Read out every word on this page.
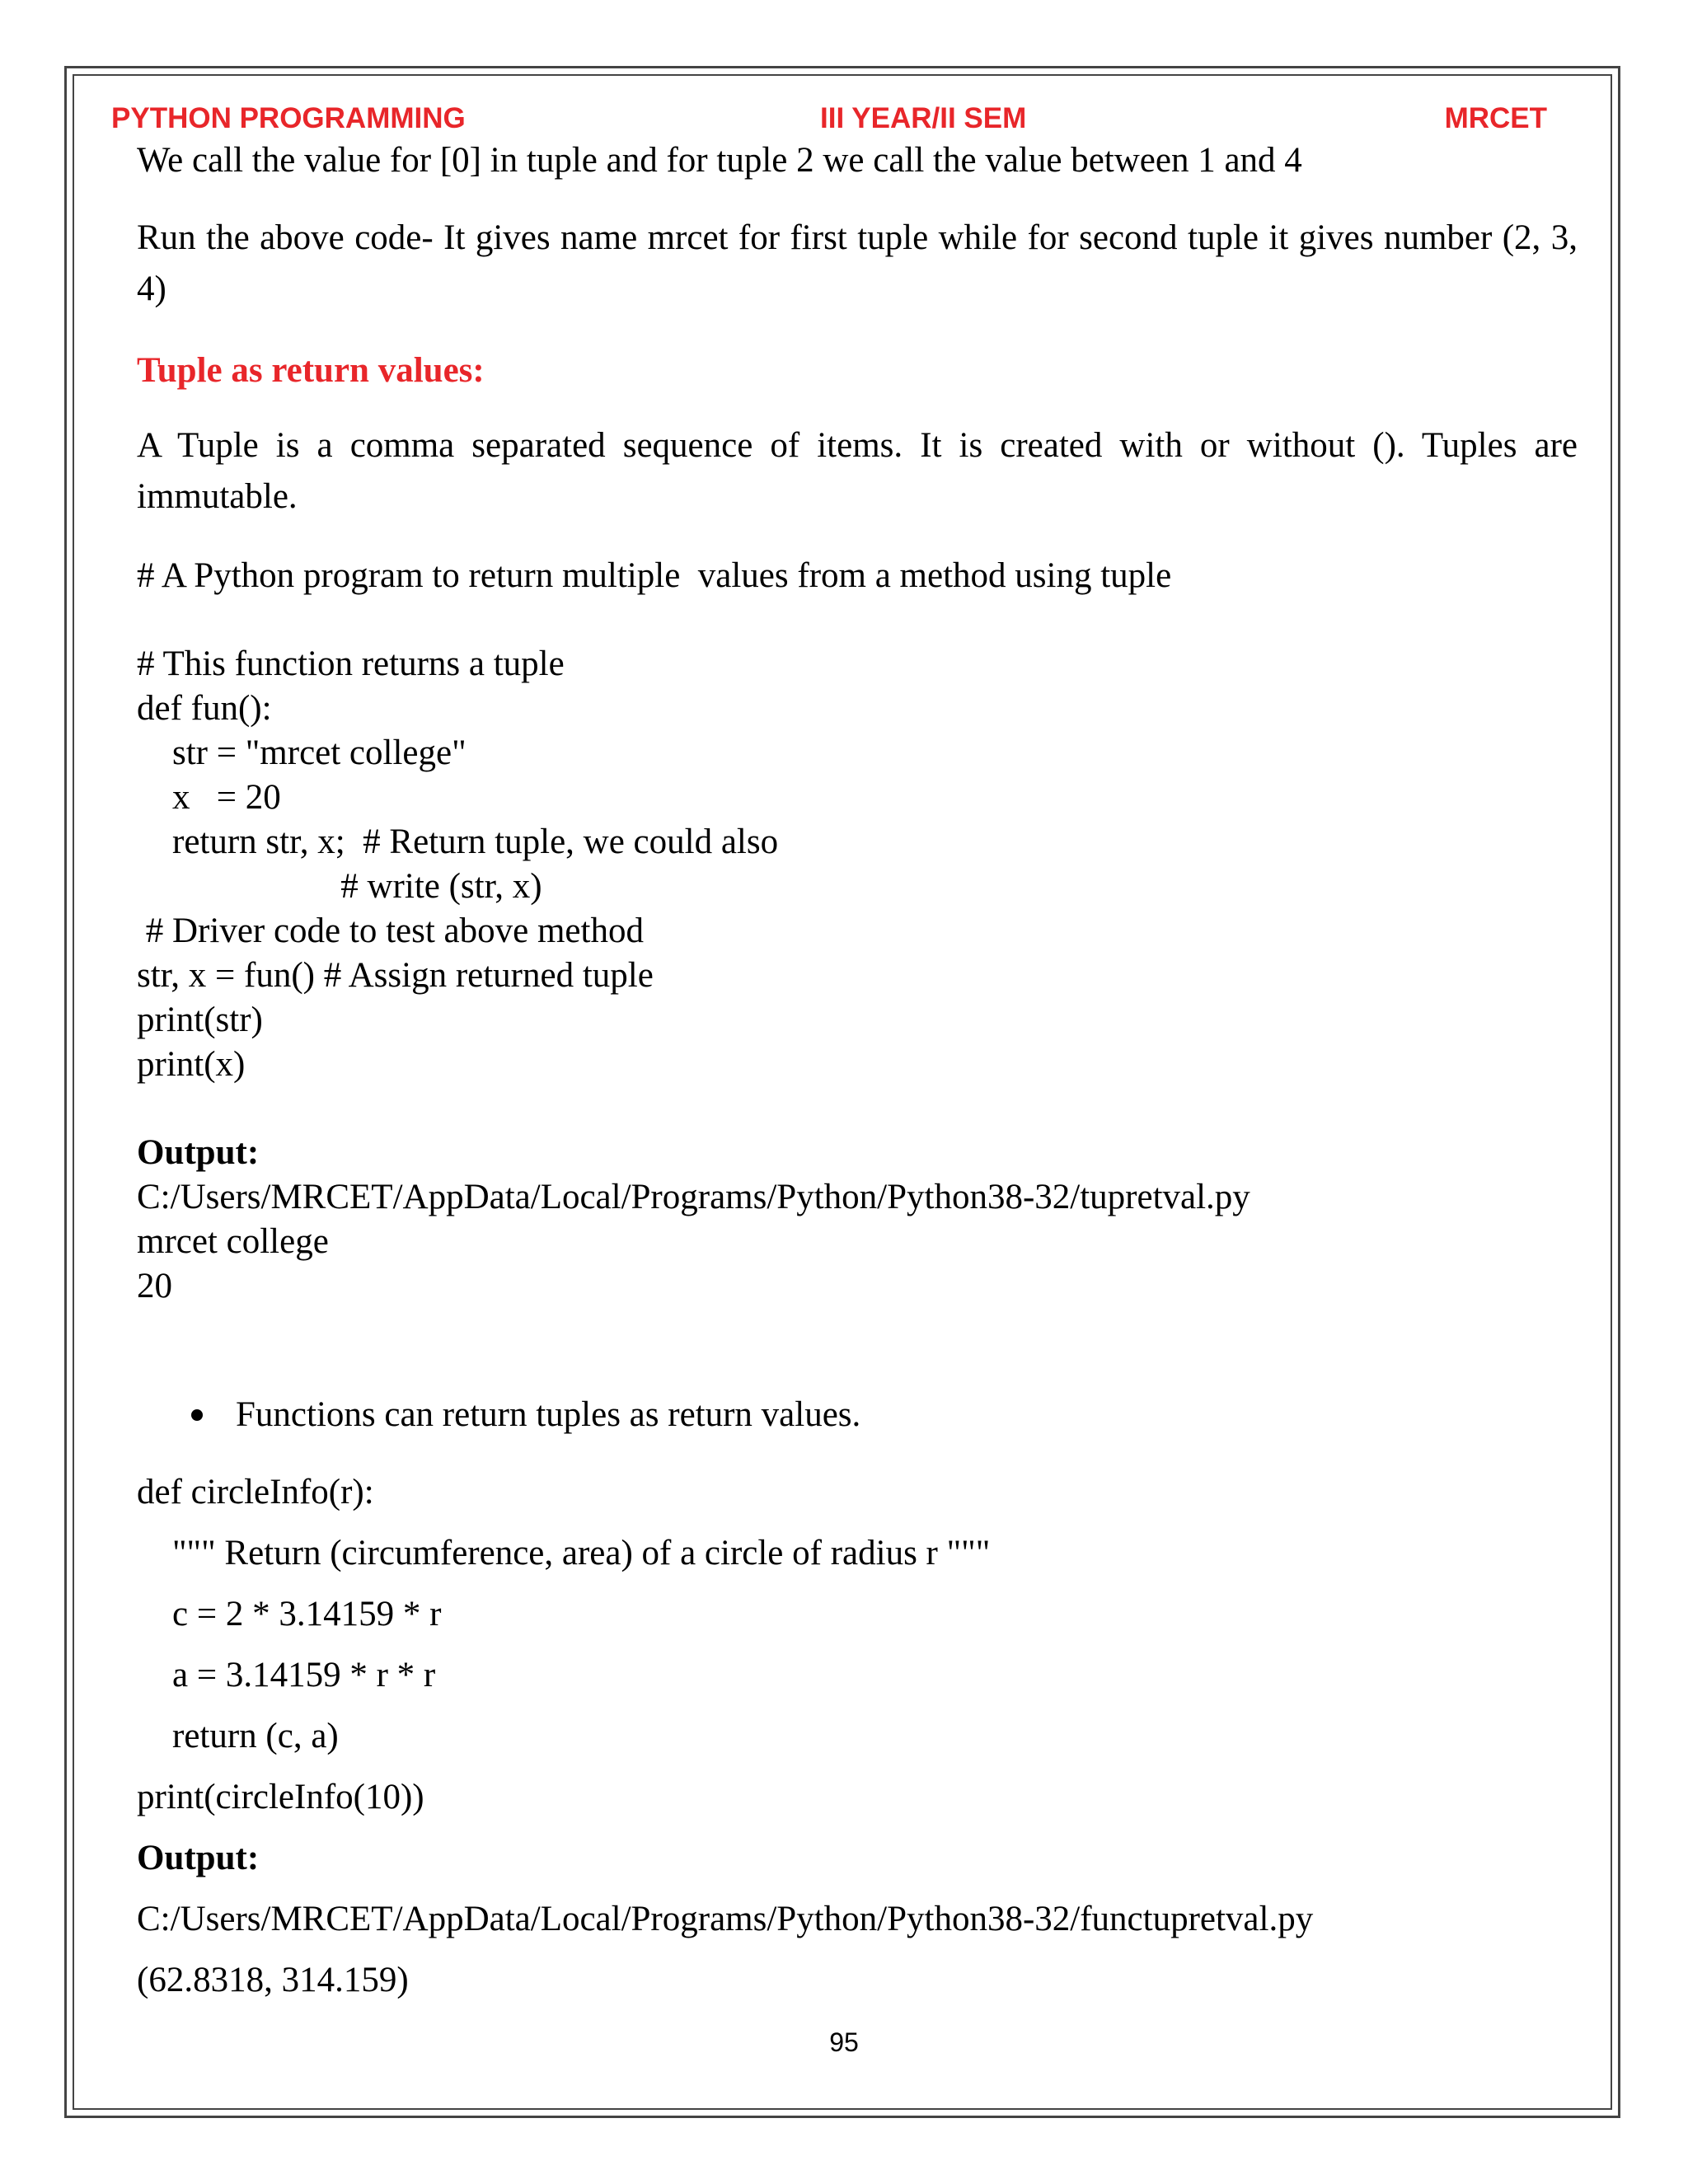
PYTHON PROGRAMMING	III YEAR/II SEM	MRCET
We call the value for [0] in tuple and for tuple 2 we call the value between 1 and 4
Run the above code- It gives name mrcet for first tuple while for second tuple it gives number (2, 3, 4)
Tuple as return values:
A Tuple is a comma separated sequence of items. It is created with or without (). Tuples are immutable.
# A Python program to return multiple  values from a method using tuple
# This function returns a tuple
def fun():
str = "mrcet college"
x   = 20
return str, x;  # Return tuple, we could also
# write (str, x)
# Driver code to test above method
str, x = fun() # Assign returned tuple
print(str)
print(x)
Output:
C:/Users/MRCET/AppData/Local/Programs/Python/Python38-32/tupretval.py
mrcet college
20
Functions can return tuples as return values.
def circleInfo(r):
""" Return (circumference, area) of a circle of radius r """
c = 2 * 3.14159 * r
a = 3.14159 * r * r
return (c, a)
print(circleInfo(10))
Output:
C:/Users/MRCET/AppData/Local/Programs/Python/Python38-32/functupretval.py
(62.8318, 314.159)
95
